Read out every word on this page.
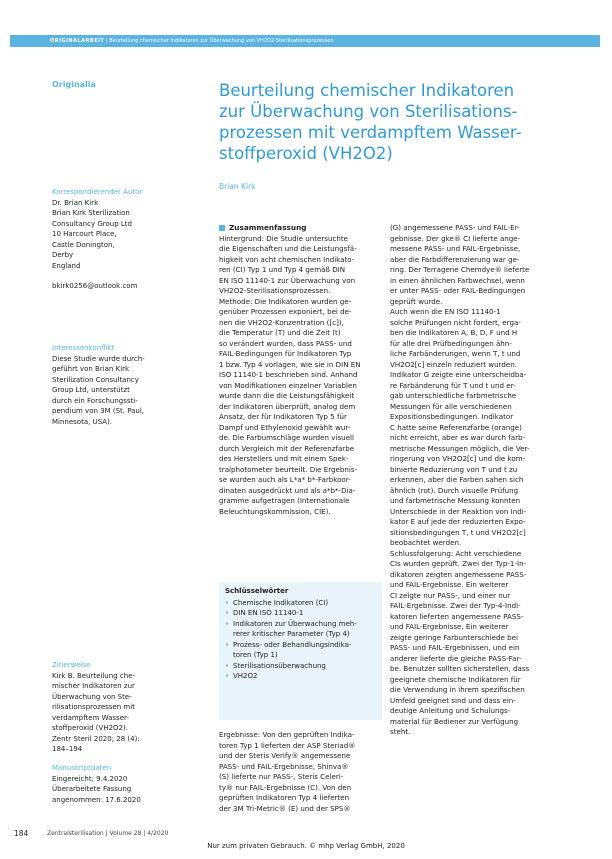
ORIGINALARBEIT | Beurteilung chemischer Indikatoren zur Überwachung von VH2O2-Sterilisationsprozessen
Originalia	Beurteilung chemischer Indikatoren
zur Überwachung von Sterilisations-
prozessen mit verdampftem Wasser-
stoffperoxid (VH2O2)
Brian Kirk
Korrespondierender Autor
Dr. Brian Kirk
Brian Kirk Sterilization
Consultancy Group Ltd
10 Harcourt Place,
Castle Donington,
Derby
England
bkirk0256@outlook.com
Interessenkonflikt
Diese Studie wurde durch-
geführt von Brian Kirk
Sterilization Consultancy
Group Ltd, unterstützt
durch ein Forschungssti-
pendium von 3M (St. Paul,
Minnesota, USA).
Zitierweise
Kirk B. Beurteilung che-
mischer Indikatoren zur
Überwachung von Ste-
rilisationsprozessen mit
verdampftem Wasser-
stoffperoxid (VH2O2).
Zentr Steril 2020; 28 (4):
184–194
Manuskriptdaten
Eingereicht: 9.4.2020
Überarbeitete Fassung
angenommen: 17.6.2020
Zusammenfassung
Hintergrund: Die Studie untersuchte
die Eigenschaften und die Leistungsfä-
higkeit von acht chemischen Indikato-
ren (CI) Typ 1 und Typ 4 gemäß DIN
EN ISO 11140-1 zur Überwachung von
VH2O2-Sterilisationsprozessen.
Methode: Die Indikatoren wurden ge-
genüber Prozessen exponiert, bei de-
nen die VH2O2-Konzentration ([c]),
die Temperatur (T) und die Zeit (t)
so verändert wurden, dass PASS- und
FAIL-Bedingungen für Indikatoren Typ
1 bzw. Typ 4 vorlagen, wie sie in DIN EN
ISO 11140-1 beschrieben sind. Anhand
von Modifikationen einzelner Variablen
wurde dann die die Leistungsfähigkeit
der Indikatoren überprüft, analog dem
Ansatz, der für Indikatoren Typ 5 für
Dampf und Ethylenoxid gewählt wur-
de. Die Farbumschläge wurden visuell
durch Vergleich mit der Referenzfarbe
des Herstellers und mit einem Spek-
tralphotometer beurteilt. Die Ergebnis-
se wurden auch als L*a* b*-Farbkoor-
dinaten ausgedrückt und als a*b*-Dia-
gramme aufgetragen (Internationale
Beleuchtungskommission, CIE).
Schlüsselwörter
• Chemische Indikatoren (CI)
• DIN EN ISO 11140-1
• Indikatoren zur Überwachung meh-
rerer kritischer Parameter (Typ 4)
• Prozess- oder Behandlungsindika-
toren (Typ 1)
• Sterilisationsüberwachung
• VH2O2
Ergebnisse: Von den geprüften Indika-
toren Typ 1 lieferten der ASP Steriad®
und der Steris Verify® angemessene
PASS- und FAIL-Ergebnisse, Shinva®
(S) lieferte nur PASS-, Steris Celeri-
ty® nur FAIL-Ergebnisse (C). Von den
geprüften Indikatoren Typ 4 lieferten
der 3M Tri-Metric® (E) und der SPS®
(G) angemessene PASS- und FAIL-Er-
gebnisse. Der gke® CI lieferte ange-
messene PASS- und FAIL-Ergebnisse,
aber die Farbdifferenzierung war ge-
ring. Der Terragene Chemdye® lieferte
in einen ähnlichen Farbwechsel, wenn
er unter PASS- oder FAIL-Bedingungen
geprüft wurde.
Auch wenn die EN ISO 11140-1
solche Prüfungen nicht fordert, erga-
ben die Indikatoren A, B, D, F und H
für alle drei Prüfbedingungen ähn-
liche Farbänderungen, wenn T, t und
VH2O2[c] einzeln reduziert wurden.
Indikator G zeigte eine unterscheidba-
re Farbänderung für T und t und er-
gab unterschiedliche farbmetrische
Messungen für alle verschiedenen
Expositionsbedingungen. Indikator
C hatte seine Referenzfarbe (orange)
nicht erreicht, aber es war durch farb-
metrische Messungen möglich, die Ver-
ringerung von VH2O2[c] und die kom-
binierte Reduzierung von T und t zu
erkennen, aber die Farben sahen sich
ähnlich (rot). Durch visuelle Prüfung
und farbmetrische Messung konnten
Unterschiede in der Reaktion von Indi-
kator E auf jede der reduzierten Expo-
sitionsbedingungen T, t und VH2O2[c]
beobachtet werden.
Schlussfolgerung: Acht verschiedene
CIs wurden geprüft. Zwei der Typ-1-In-
dikatoren zeigten angemessene PASS-
und FAIL-Ergebnisse. Ein weiterer
CI zeigte nur PASS-, und einer nur
FAIL-Ergebnisse. Zwei der Typ-4-Indi-
katoren lieferten angemessene PASS-
und FAIL-Ergebnisse. Ein weiterer
zeigte geringe Farbunterschiede bei
PASS- und FAIL-Ergebnissen, und ein
anderer lieferte die gleiche PASS-Far-
be. Benutzer sollten sicherstellen, dass
geeignete chemische Indikatoren für
die Verwendung in ihrem spezifischen
Umfeld geeignet sind und dass ein-
deutige Anleitung und Schulungs-
material für Bediener zur Verfügung
steht.
184	Zentralsterilisation | Volume 28 | 4/2020
Nur zum privaten Gebrauch. © mhp Verlag GmbH, 2020
